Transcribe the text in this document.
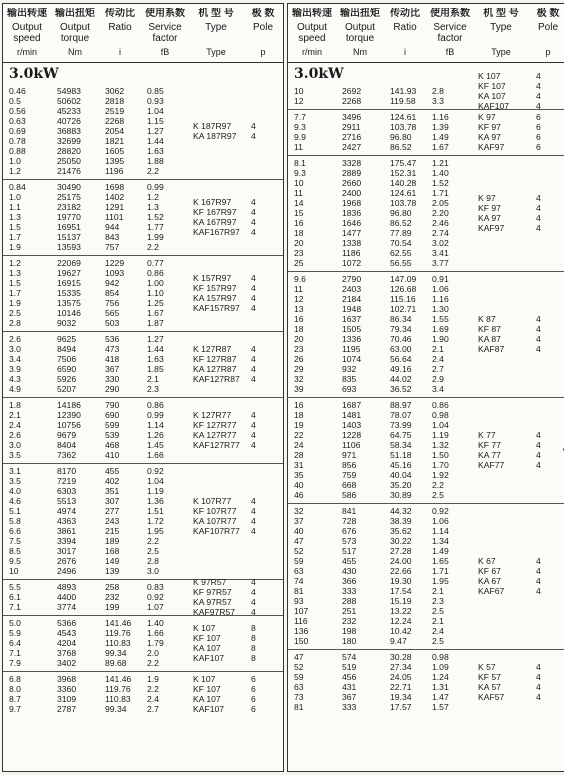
输出转速 输出扭矩	传动比	使用系数	机 型 号	极 数
Output	Output	Ratio	Service	Type	Pole
speed	torque	factor
r/min	Nm	i	fB	Type	p
3.0kW
0.46	54983	3062	0.85
0.5	50602	2818	0.93
0.56	45233	2519	1.04
0.63	40726	2268	1.15
0.69	36883	2054	1.27
0.78	32699	1821	1.44
0.88	28820	1605	1.63
1.0	25050	1395	1.88
1.2	21476	1196	2.2
K 187R97	4
KA 187R97	4
0.84	30490	1698	0.99
1.0	25175	1402	1.2
1.1	23182	1291	1.3
1.3	19770	1101	1.52
1.5	16951	944	1.77
1.7	15137	843	1.99
1.9	13593	757	2.2
K 167R97	4
KF 167R97	4
KA 167R97	4
KAF167R97	4
1.2	22069	1229	0.77
1.3	19627	1093	0.86
1.5	16915	942	1.00
1.7	15335	854	1.10
1.9	13575	756	1.25
2.5	10146	565	1.67
2.8	9032	503	1.87
K 157R97	4
KF 157R97	4
KA 157R97	4
KAF157R97	4
2.6	9625	536	1.27
3.0	8494	473	1.44
3.4	7506	418	1.63
3.9	6590	367	1.85
4.3	5926	330	2.1
4.9	5207	290	2.3
K 127R87	4
KF 127R87	4
KA 127R87	4
KAF127R87	4
1.8	14186	790	0.86
2.1	12390	690	0.99
2.4	10756	599	1.14
2.6	9679	539	1.26
3.0	8404	468	1.45
3.5	7362	410	1.66
K 127R77	4
KF 127R77	4
KA 127R77	4
KAF127R77	4
3.1	8170	455	0.92
3.5	7219	402	1.04
4.0	6303	351	1.19
4.6	5513	307	1.36
5.1	4974	277	1.51
5.8	4363	243	1.72
6.6	3861	215	1.95
7.5	3394	189	2.2
8.5	3017	168	2.5
9.5	2676	149	2.8
10	2496	139	3.0
K 107R77	4
KF 107R77	4
KA 107R77	4
KAF107R77	4
5.5	4893	258	0.83
6.1	4400	232	0.92
7.1	3774	199	1.07
K 97R57	4
KF 97R57	4
KA 97R57	4
KAF97R57	4
5.0	5366	141.46	1.40
5.9	4543	119.76	1.66
6.4	4204	110.83	1.79
7.1	3768	99.34	2.0
7.9	3402	89.68	2.2
K 107	8
KF 107	8
KA 107	8
KAF107	8
6.8	3968	141.46	1.9
8.0	3360	119.76	2.2
8.7	3109	110.83	2.4
9.7	2787	99.34	2.7
K 107	6
KF 107	6
KA 107	6
KAF107	6
输出转速 输出扭矩	传动比	使用系数	机 型 号	极 数
Output	Output	Ratio	Service	Type	Pole
speed	torque	factor
r/min	Nm	i	fB	Type	p
3.0kW
10	2692	141.93	2.8
12	2268	119.58	3.3
K 107	4
KF 107	4
KA 107	4
KAF107	4
7.7	3496	124.61	1.16
9.3	2911	103.78	1.39
9.9	2716	96.80	1.49
11	2427	86.52	1.67
K 97	6
KF 97	6
KA 97	6
KAF97	6
8.1	3328	175.47	1.21
9.3	2889	152.31	1.40
10	2660	140.28	1.52
11	2400	124.61	1.71
14	1968	103.78	2.05
15	1836	96.80	2.20
16	1646	86.52	2.46
18	1477	77.89	2.74
20	1338	70.54	3.02
23	1186	62.55	3.41
25	1072	56.55	3.77
K 97	4
KF 97	4
KA 97	4
KAF97	4
9.6	2790	147.09	0.91
11	2403	126.68	1.06
12	2184	115.16	1.16
13	1948	102.71	1.30
16	1637	86.34	1.55
18	1505	79.34	1.69
20	1336	70.46	1.90
23	1195	63.00	2.1
26	1074	56.64	2.4
29	932	49.16	2.7
32	835	44.02	2.9
39	693	36.52	3.4
K 87	4
KF 87	4
KA 87	4
KAF87	4
16	1687	88.97	0.86
18	1481	78.07	0.98
19	1403	73.99	1.04
22	1228	64.75	1.19
24	1106	58.34	1.32
28	971	51.18	1.50
31	856	45.16	1.70
35	759	40.04	1.92
40	668	35.20	2.2
46	586	30.89	2.5
K 77	4
KF 77	4
KA 77	4
KAF77	4
32	841	44.32	0.92
37	728	38.39	1.06
40	676	35.62	1.14
47	573	30.22	1.34
52	517	27.28	1.49
59	455	24.00	1.65
63	430	22.66	1.71
74	366	19.30	1.95
81	333	17.54	2.1
93	288	15.19	2.3
107	251	13.22	2.5
116	232	12.24	2.1
136	198	10.42	2.4
150	180	9.47	2.5
K 67	4
KF 67	4
KA 67	4
KAF67	4
47	574	30.28	0.98
52	519	27.34	1.09
59	456	24.05	1.24
63	431	22.71	1.31
73	367	19.34	1.47
81	333	17.57	1.57
K 57	4
KF 57	4
KA 57	4
KAF57	4
